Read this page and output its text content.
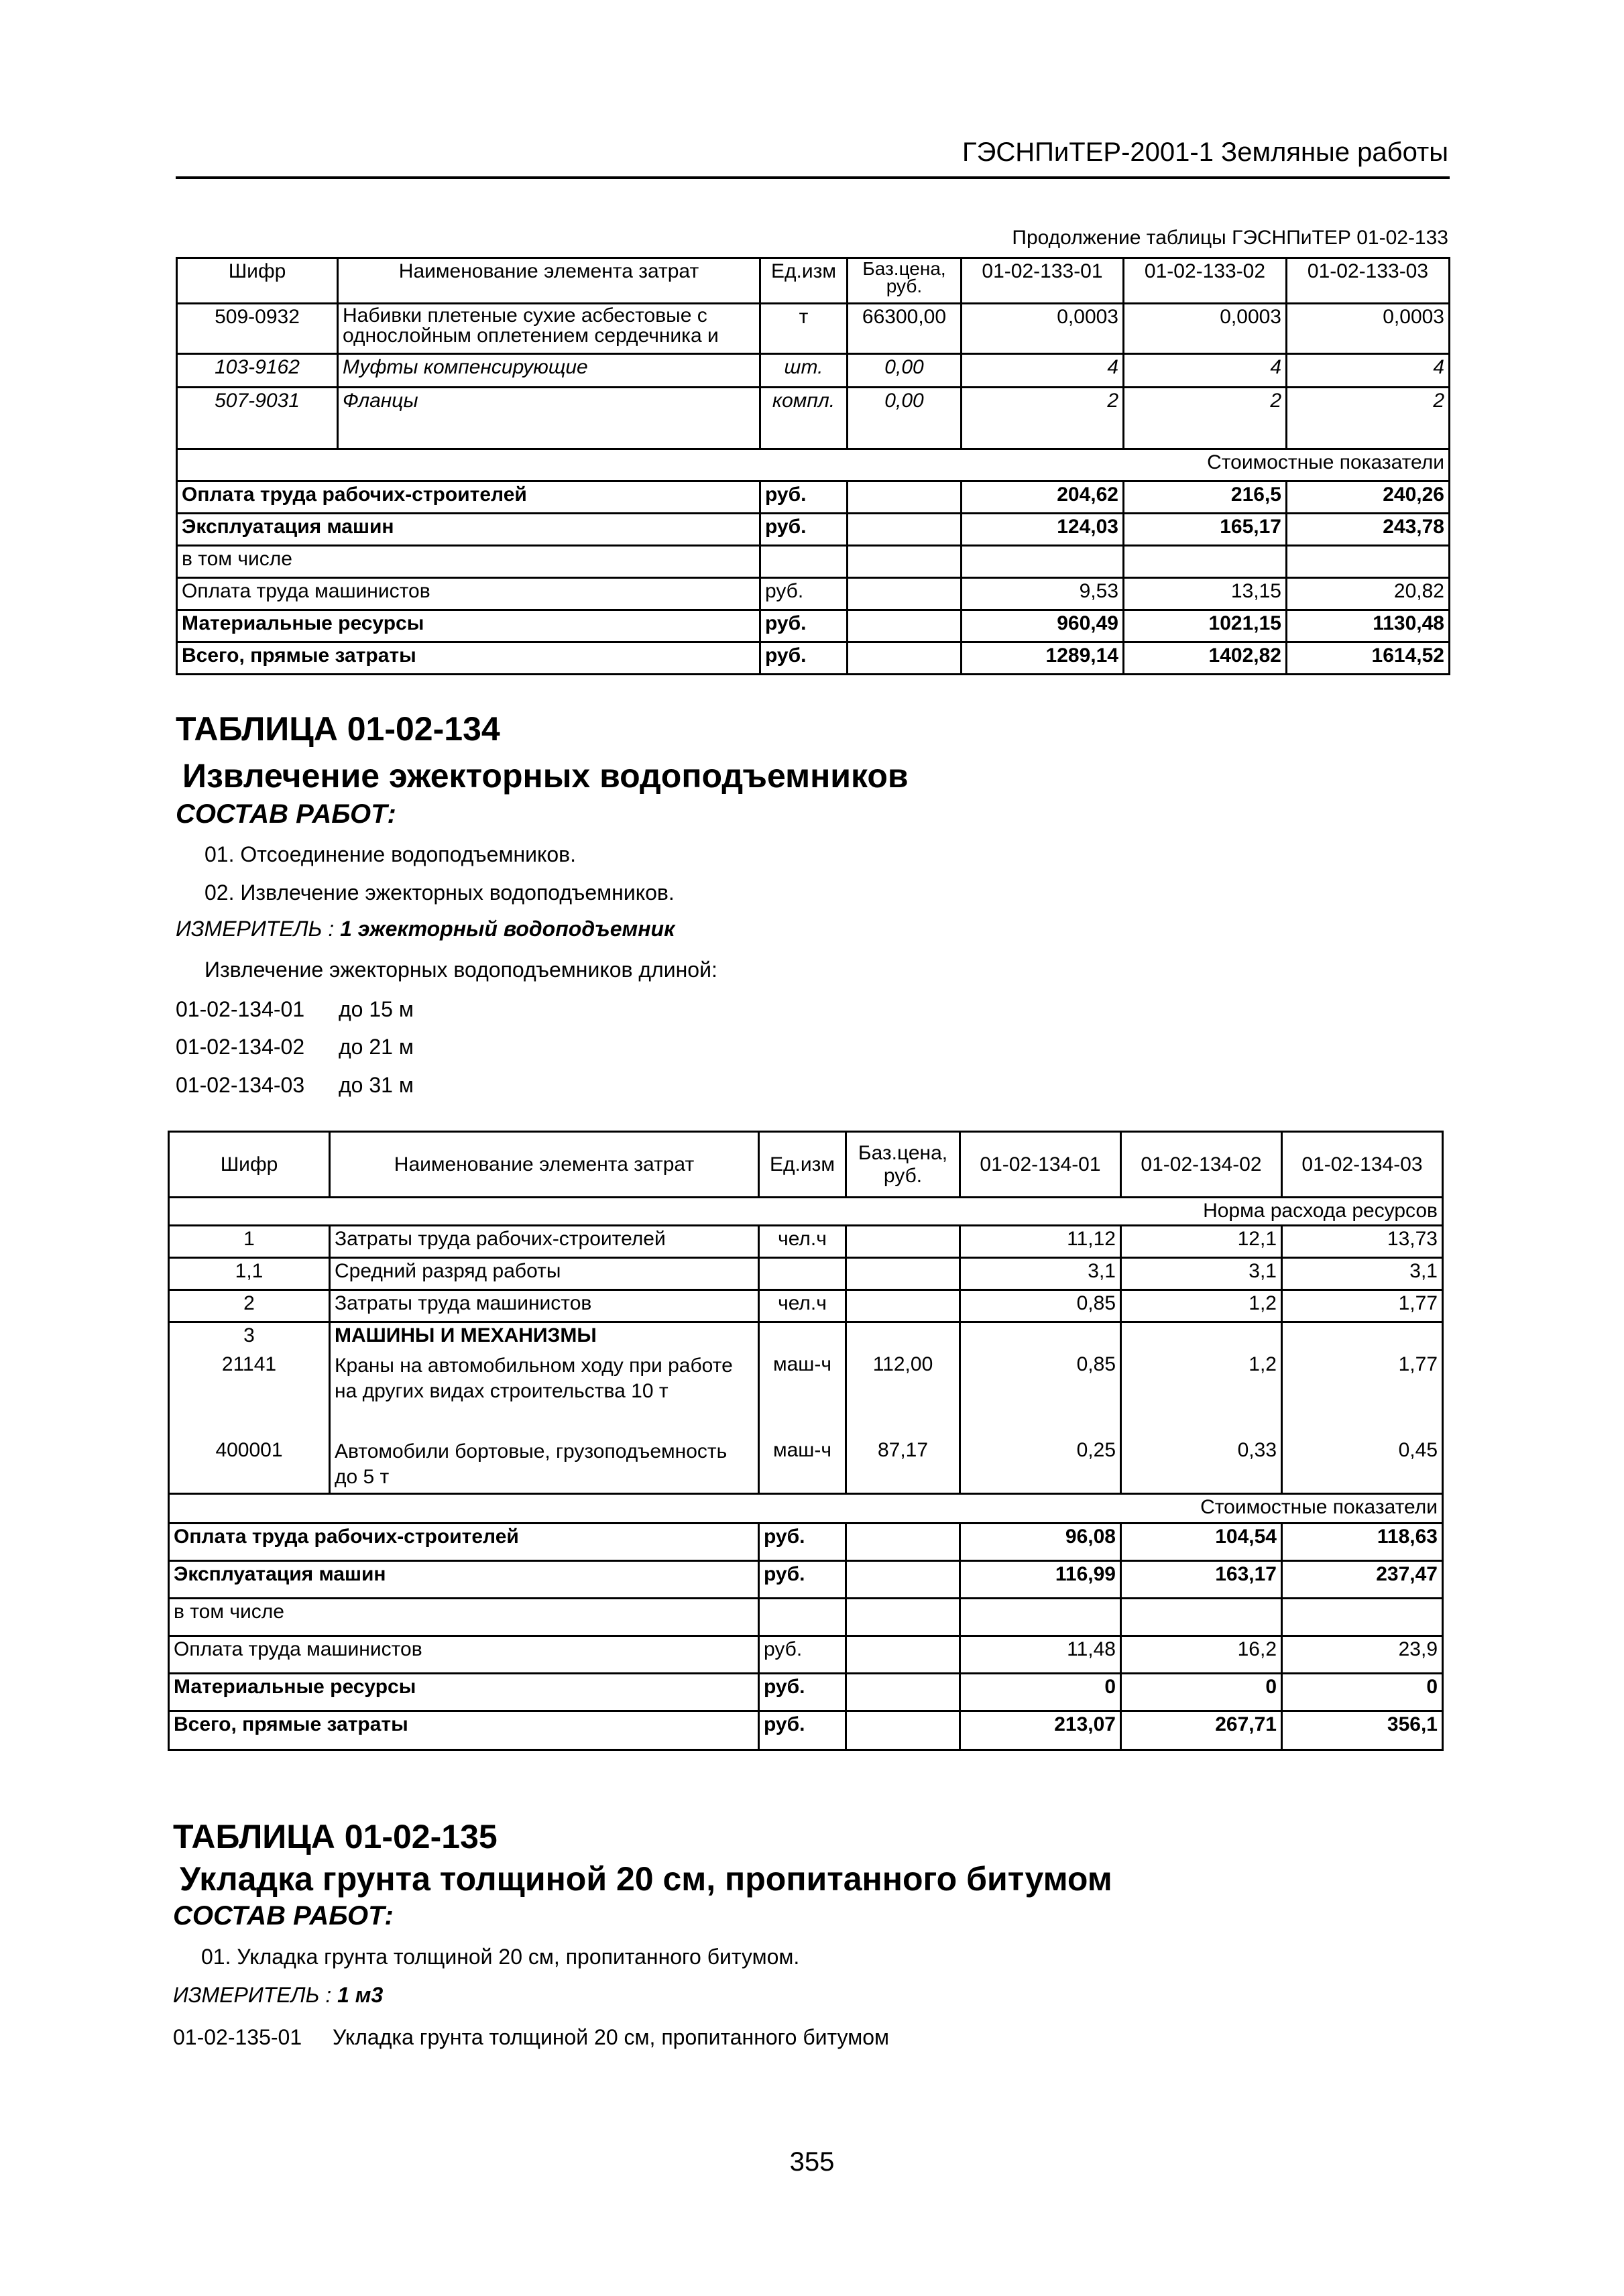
ГЭСНПиТЕР-2001-1 Земляные работы
Продолжение таблицы ГЭСНПиТЕР 01-02-133
Шифр	Наименование элемента затрат	Ед.изм	Баз.цена, руб.	01-02-133-01	01-02-133-02	01-02-133-03
509-0932	Набивки плетеные сухие асбестовые с однослойным оплетением сердечника и	т	66300,00	0,0003	0,0003	0,0003
103-9162	Муфты компенсирующие	шт.	0,00	4	4	4
507-9031	Фланцы	компл.	0,00	2	2	2
Стоимостные показатели						
Оплата труда рабочих-строителей		руб.		204,62	216,5	240,26
Эксплуатация машин		руб.		124,03	165,17	243,78
в том числе						
Оплата труда машинистов		руб.		9,53	13,15	20,82
Материальные ресурсы		руб.		960,49	1021,15	1130,48
Всего, прямые затраты		руб.		1289,14	1402,82	1614,52
ТАБЛИЦА 01-02-134
Извлечение эжекторных водоподъемников
СОСТАВ РАБОТ:
01. Отсоединение водоподъемников.
02. Извлечение эжекторных водоподъемников.
ИЗМЕРИТЕЛЬ : 1 эжекторный водоподъемник
Извлечение эжекторных водоподъемников длиной:
01-02-134-01 до 15 м
01-02-134-02 до 21 м
01-02-134-03 до 31 м
Шифр	Наименование элемента затрат	Ед.изм	Баз.цена, руб.	01-02-134-01	01-02-134-02	01-02-134-03
Норма расхода ресурсов						
1	Затраты труда рабочих-строителей	чел.ч		11,12	12,1	13,73
1,1	Средний разряд работы			3,1	3,1	3,1
2	Затраты труда машинистов	чел.ч		0,85	1,2	1,77
3	МАШИНЫ И МЕХАНИЗМЫ					
21141	Краны на автомобильном ходу при работе на других видах строительства 10 т	маш-ч	112,00	0,85	1,2	1,77
400001	Автомобили бортовые, грузоподъемность до 5 т	маш-ч	87,17	0,25	0,33	0,45
Стоимостные показатели						
Оплата труда рабочих-строителей		руб.		96,08	104,54	118,63
Эксплуатация машин		руб.		116,99	163,17	237,47
в том числе						
Оплата труда машинистов		руб.		11,48	16,2	23,9
Материальные ресурсы		руб.		0	0	0
Всего, прямые затраты		руб.		213,07	267,71	356,1
ТАБЛИЦА 01-02-135
Укладка грунта толщиной 20 см, пропитанного битумом
СОСТАВ РАБОТ:
01. Укладка грунта толщиной 20 см, пропитанного битумом.
ИЗМЕРИТЕЛЬ : 1 м3
01-02-135-01 Укладка грунта толщиной 20 см, пропитанного битумом
355
